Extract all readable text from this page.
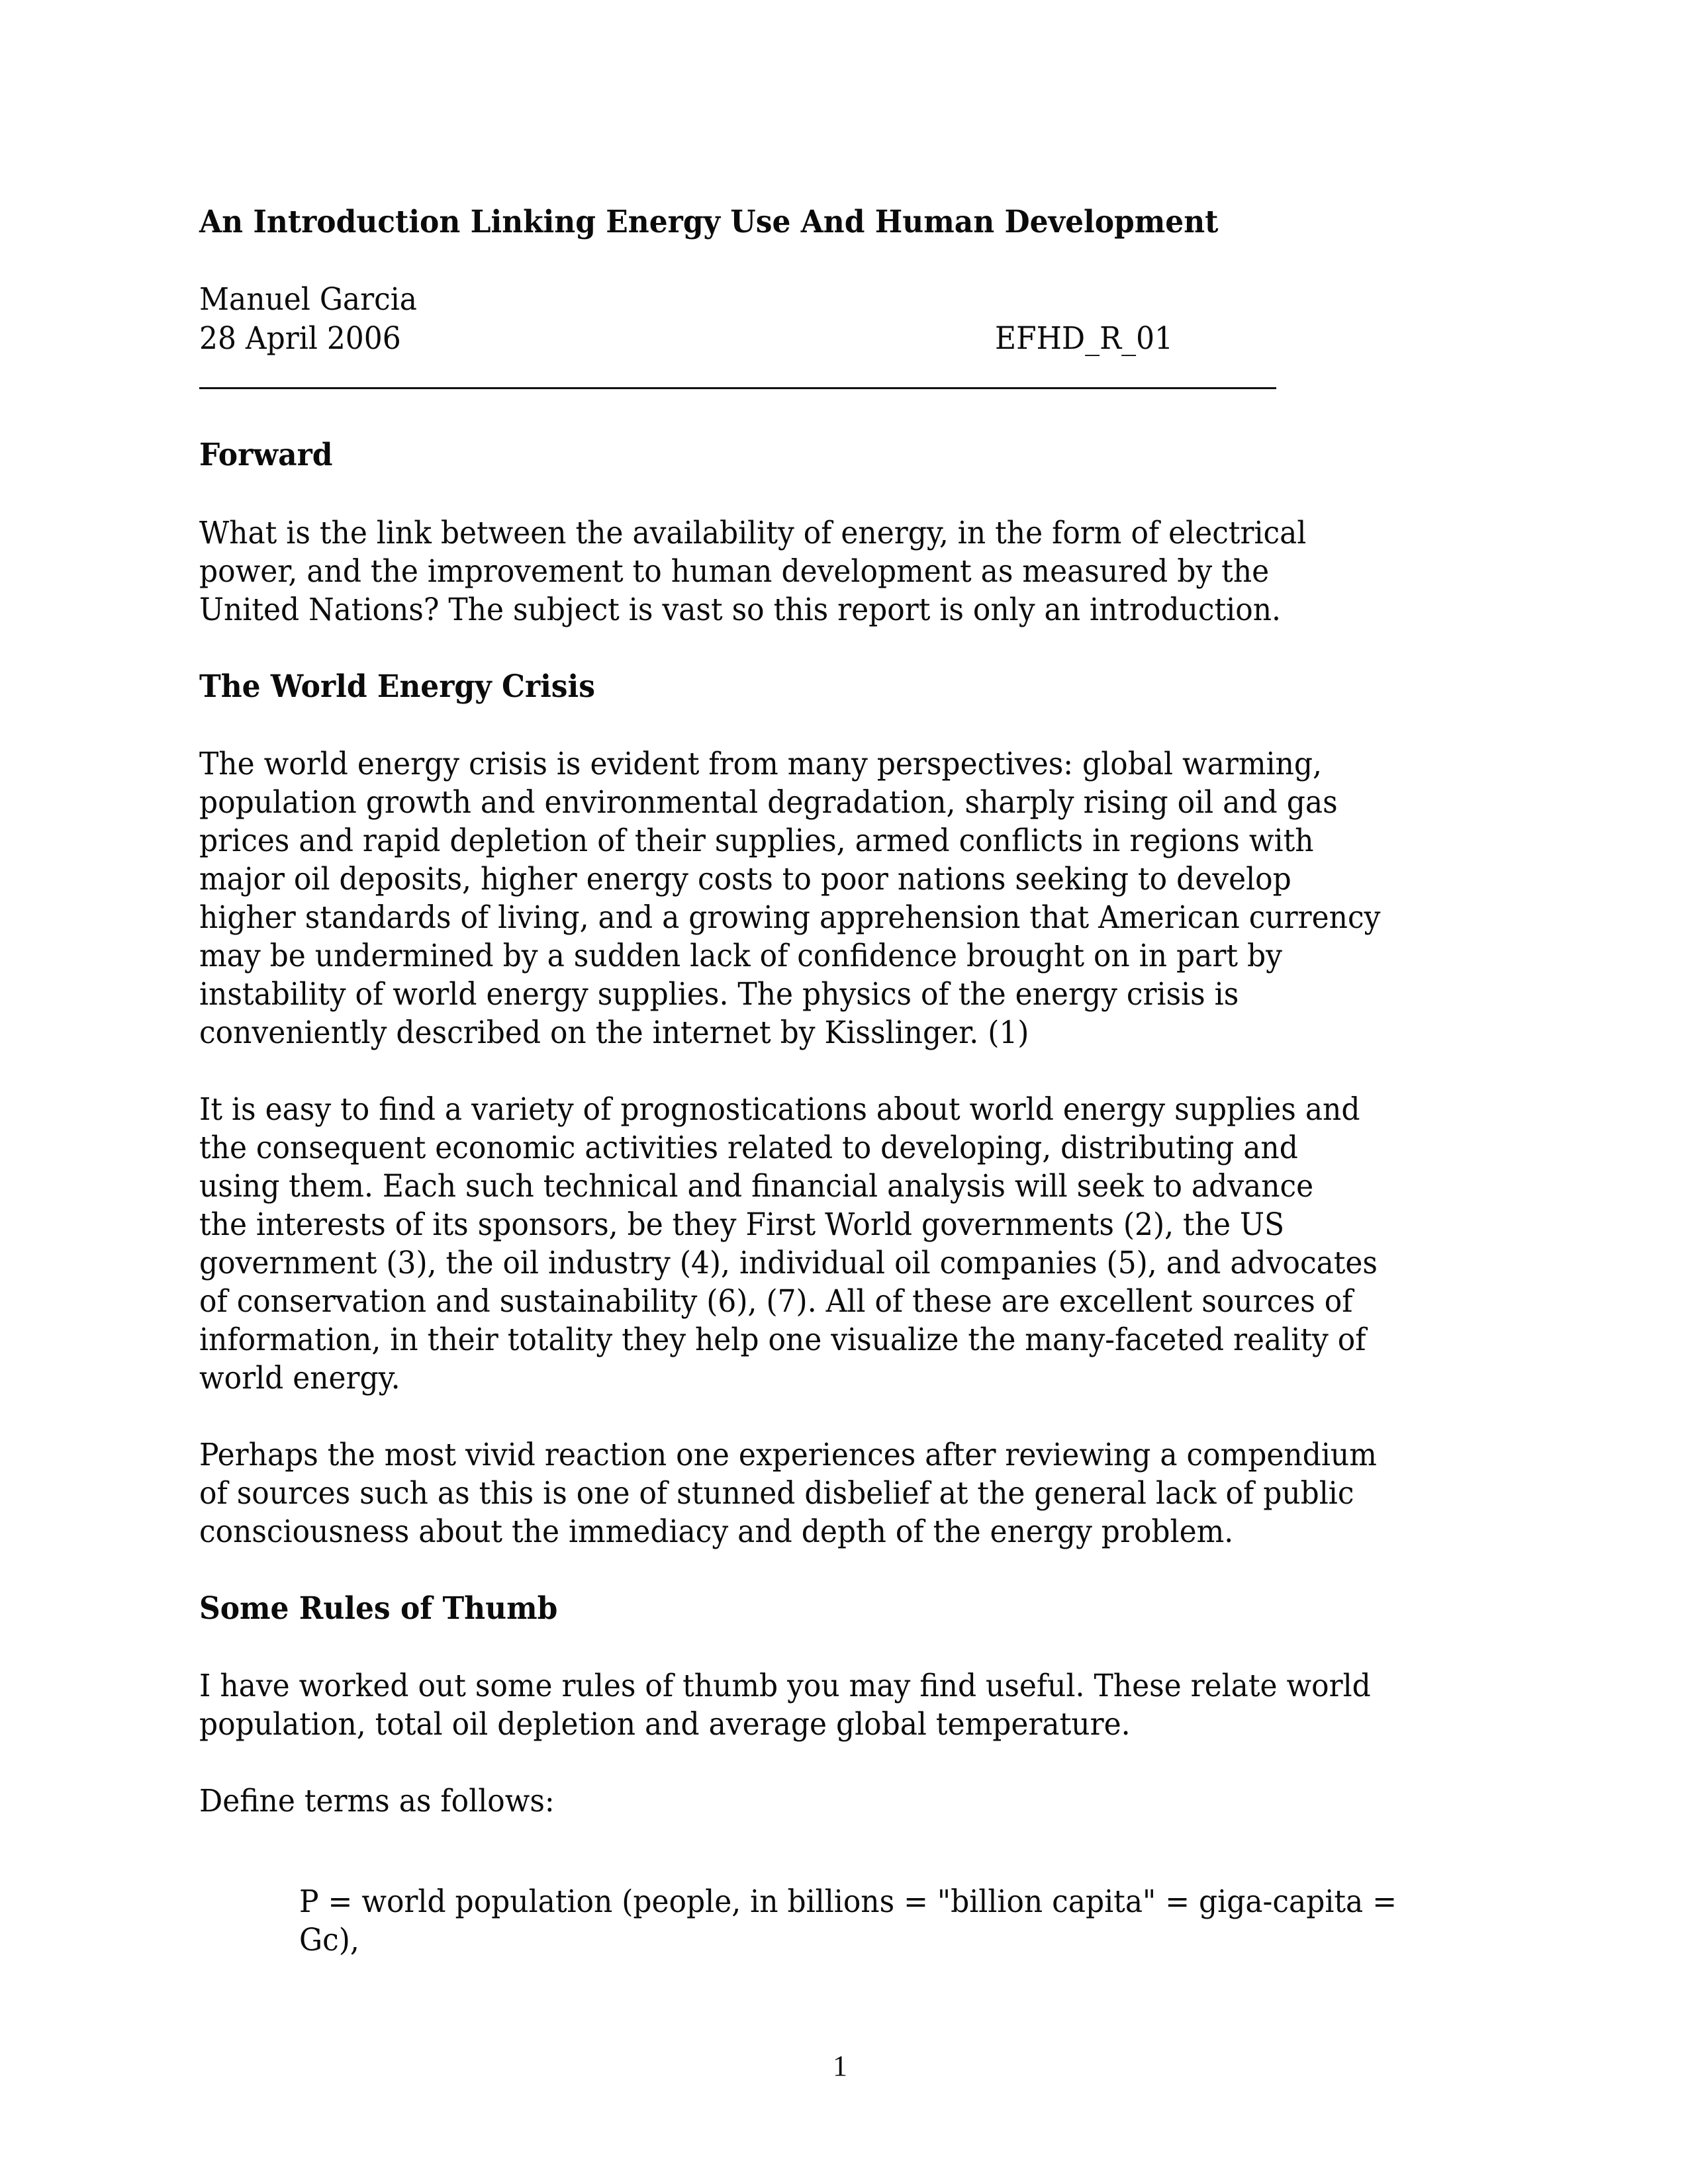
An Introduction Linking Energy Use And Human Development
Manuel Garcia
28 April 2006	EFHD_R_01
Forward
What is the link between the availability of energy, in the form of electrical
power, and the improvement to human development as measured by the
United Nations? The subject is vast so this report is only an introduction.
The World Energy Crisis
The world energy crisis is evident from many perspectives: global warming,
population growth and environmental degradation, sharply rising oil and gas
prices and rapid depletion of their supplies, armed conflicts in regions with
major oil deposits, higher energy costs to poor nations seeking to develop
higher standards of living, and a growing apprehension that American currency
may be undermined by a sudden lack of confidence brought on in part by
instability of world energy supplies. The physics of the energy crisis is
conveniently described on the internet by Kisslinger. (1)
It is easy to find a variety of prognostications about world energy supplies and
the consequent economic activities related to developing, distributing and
using them. Each such technical and financial analysis will seek to advance
the interests of its sponsors, be they First World governments (2), the US
government (3), the oil industry (4), individual oil companies (5), and advocates
of conservation and sustainability (6), (7). All of these are excellent sources of
information, in their totality they help one visualize the many-faceted reality of
world energy.
Perhaps the most vivid reaction one experiences after reviewing a compendium
of sources such as this is one of stunned disbelief at the general lack of public
consciousness about the immediacy and depth of the energy problem.
Some Rules of Thumb
I have worked out some rules of thumb you may find useful. These relate world
population, total oil depletion and average global temperature.
Define terms as follows:
P = world population (people, in billions = "billion capita" = giga-capita =
Gc),
1
